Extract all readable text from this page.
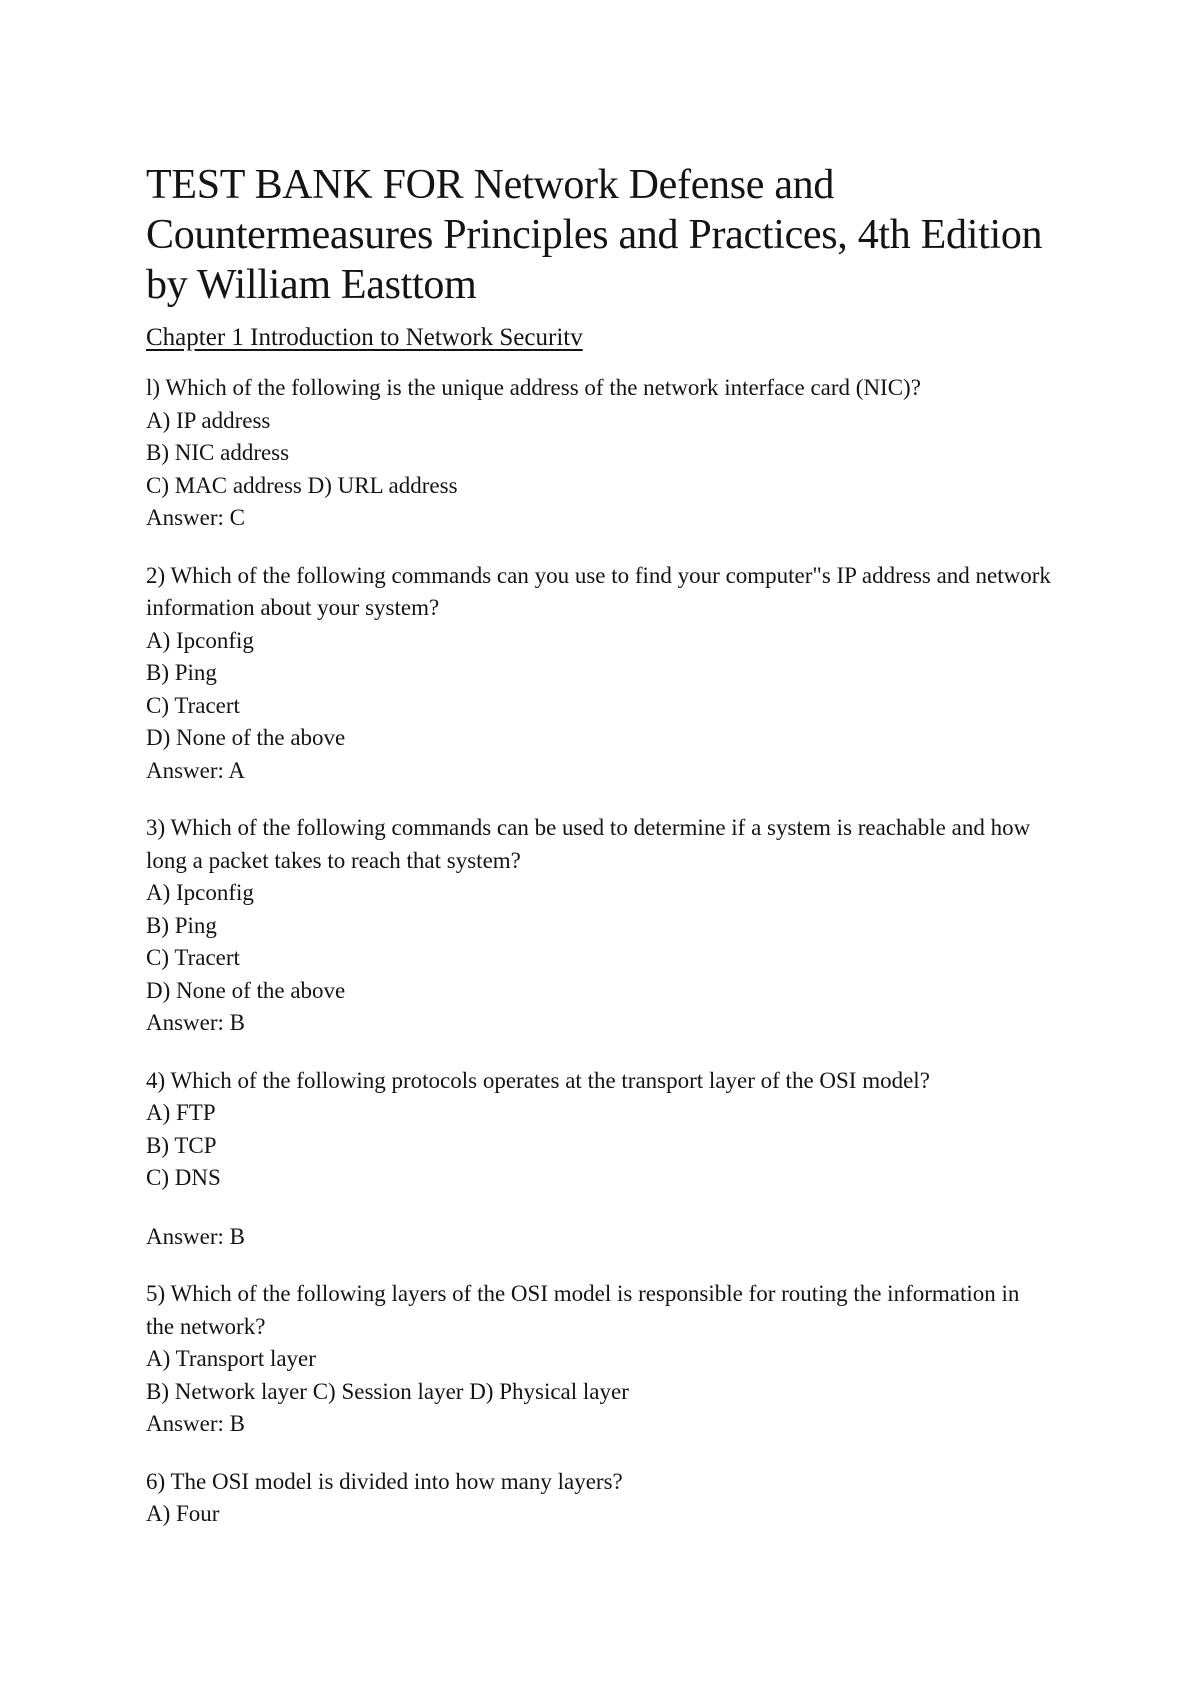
TEST BANK FOR Network Defense and
Countermeasures Principles and Practices, 4th Edition
by William Easttom
Chapter 1 Introduction to Network Securitv
l) Which of the following is the unique address of the network interface card (NIC)?
A) IP address
B) NIC address
C) MAC address D) URL address
Answer: C
2) Which of the following commands can you use to find your computer"s IP address and network
information about your system?
A) Ipconfig
B) Ping
C) Tracert
D) None of the above
Answer: A
3) Which of the following commands can be used to determine if a system is reachable and how
long a packet takes to reach that system?
A) Ipconfig
B) Ping
C) Tracert
D) None of the above
Answer: B
4) Which of the following protocols operates at the transport layer of the OSI model?
A) FTP
B) TCP
C) DNS
Answer: B
5) Which of the following layers of the OSI model is responsible for routing the information in
the network?
A) Transport layer
B) Network layer C) Session layer D) Physical layer
Answer: B
6) The OSI model is divided into how many layers?
A) Four
